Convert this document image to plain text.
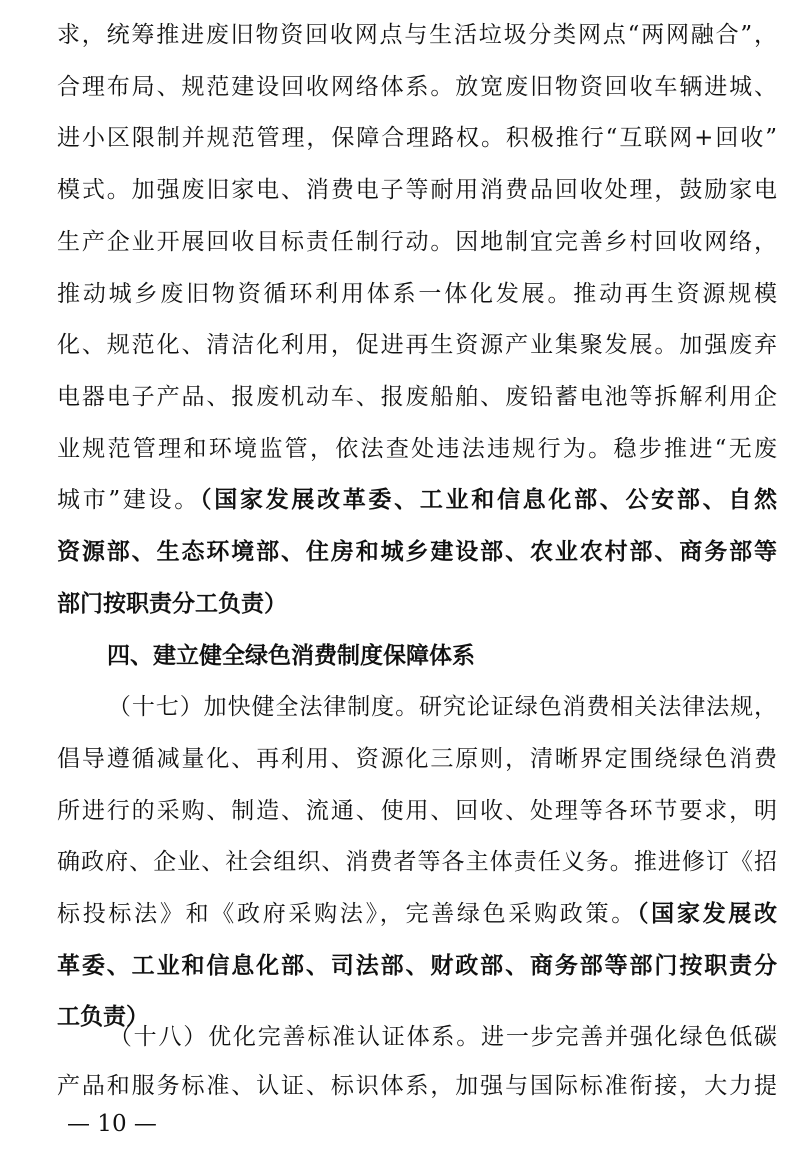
求，统筹推进废旧物资回收网点与生活垃圾分类网点“两网融合”，
合理布局、规范建设回收网络体系。放宽废旧物资回收车辆进城、
进小区限制并规范管理，保障合理路权。积极推行“互联网+回收”
模式。加强废旧家电、消费电子等耐用消费品回收处理，鼓励家电
生产企业开展回收目标责任制行动。因地制宜完善乡村回收网络，
推动城乡废旧物资循环利用体系一体化发展。推动再生资源规模
化、规范化、清洁化利用，促进再生资源产业集聚发展。加强废弃
电器电子产品、报废机动车、报废船舶、废铅蓄电池等拆解利用企
业规范管理和环境监管，依法查处违法违规行为。稳步推进“无废
城市”建设。（国家发展改革委、工业和信息化部、公安部、自然
资源部、生态环境部、住房和城乡建设部、农业农村部、商务部等
部门按职责分工负责）
四、建立健全绿色消费制度保障体系
（十七）加快健全法律制度。研究论证绿色消费相关法律法规，
倡导遵循减量化、再利用、资源化三原则，清晰界定围绕绿色消费
所进行的采购、制造、流通、使用、回收、处理等各环节要求，明
确政府、企业、社会组织、消费者等各主体责任义务。推进修订《招
标投标法》和《政府采购法》，完善绿色采购政策。（国家发展改
革委、工业和信息化部、司法部、财政部、商务部等部门按职责分
工负责）
（十八）优化完善标准认证体系。进一步完善并强化绿色低碳
— 10 —
产品和服务标准、认证、标识体系，加强与国际标准衔接，大力提
